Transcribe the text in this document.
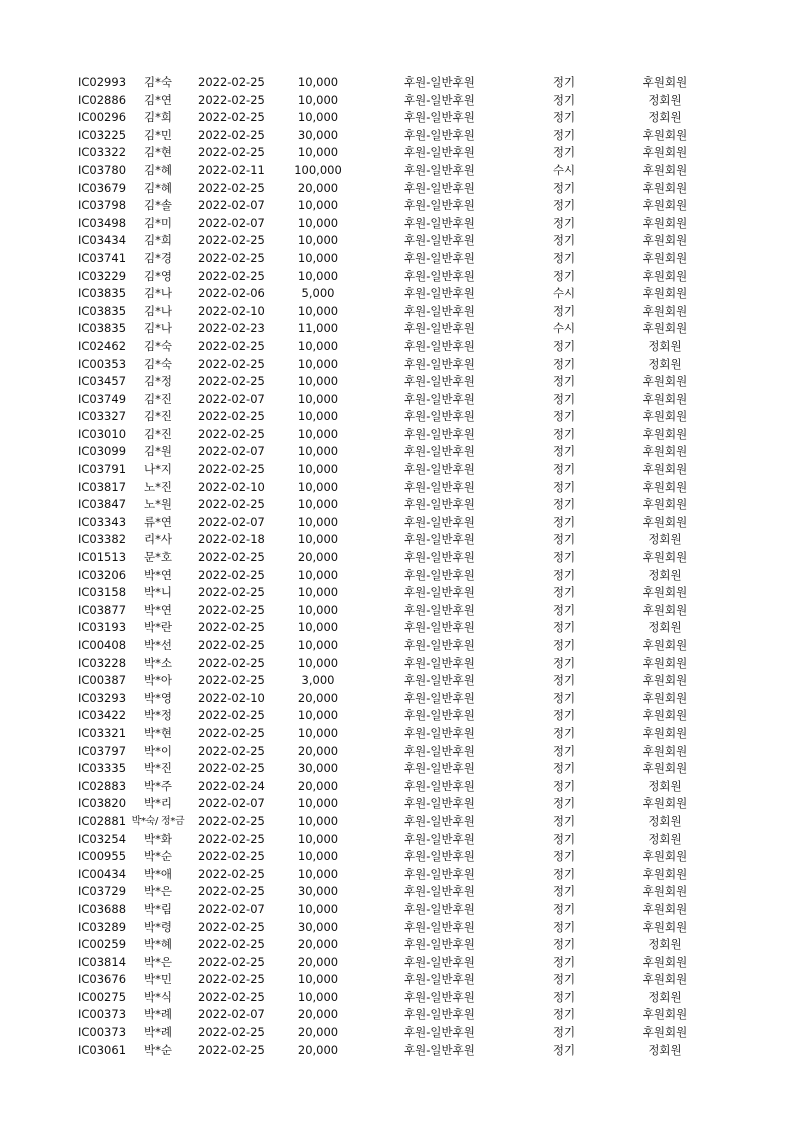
IC02993	김*숙	2022-02-25	10,000	후원-일반후원	정기	후원회원
IC02886	김*연	2022-02-25	10,000	후원-일반후원	정기	정회원
IC00296	김*희	2022-02-25	10,000	후원-일반후원	정기	정회원
IC03225	김*민	2022-02-25	30,000	후원-일반후원	정기	후원회원
IC03322	김*현	2022-02-25	10,000	후원-일반후원	정기	후원회원
IC03780	김*혜	2022-02-11	100,000	후원-일반후원	수시	후원회원
IC03679	김*혜	2022-02-25	20,000	후원-일반후원	정기	후원회원
IC03798	김*솔	2022-02-07	10,000	후원-일반후원	정기	후원회원
IC03498	김*미	2022-02-07	10,000	후원-일반후원	정기	후원회원
IC03434	김*희	2022-02-25	10,000	후원-일반후원	정기	후원회원
IC03741	김*경	2022-02-25	10,000	후원-일반후원	정기	후원회원
IC03229	김*영	2022-02-25	10,000	후원-일반후원	정기	후원회원
IC03835	김*나	2022-02-06	5,000	후원-일반후원	수시	후원회원
IC03835	김*나	2022-02-10	10,000	후원-일반후원	정기	후원회원
IC03835	김*나	2022-02-23	11,000	후원-일반후원	수시	후원회원
IC02462	김*숙	2022-02-25	10,000	후원-일반후원	정기	정회원
IC00353	김*숙	2022-02-25	10,000	후원-일반후원	정기	정회원
IC03457	김*정	2022-02-25	10,000	후원-일반후원	정기	후원회원
IC03749	김*진	2022-02-07	10,000	후원-일반후원	정기	후원회원
IC03327	김*진	2022-02-25	10,000	후원-일반후원	정기	후원회원
IC03010	김*진	2022-02-25	10,000	후원-일반후원	정기	후원회원
IC03099	김*원	2022-02-07	10,000	후원-일반후원	정기	후원회원
IC03791	나*지	2022-02-25	10,000	후원-일반후원	정기	후원회원
IC03817	노*진	2022-02-10	10,000	후원-일반후원	정기	후원회원
IC03847	노*원	2022-02-25	10,000	후원-일반후원	정기	후원회원
IC03343	류*연	2022-02-07	10,000	후원-일반후원	정기	후원회원
IC03382	리*사	2022-02-18	10,000	후원-일반후원	정기	정회원
IC01513	문*호	2022-02-25	20,000	후원-일반후원	정기	후원회원
IC03206	박*연	2022-02-25	10,000	후원-일반후원	정기	정회원
IC03158	박*니	2022-02-25	10,000	후원-일반후원	정기	후원회원
IC03877	박*연	2022-02-25	10,000	후원-일반후원	정기	후원회원
IC03193	박*란	2022-02-25	10,000	후원-일반후원	정기	정회원
IC00408	박*선	2022-02-25	10,000	후원-일반후원	정기	후원회원
IC03228	박*소	2022-02-25	10,000	후원-일반후원	정기	후원회원
IC00387	박*아	2022-02-25	3,000	후원-일반후원	정기	후원회원
IC03293	박*영	2022-02-10	20,000	후원-일반후원	정기	후원회원
IC03422	박*정	2022-02-25	10,000	후원-일반후원	정기	후원회원
IC03321	박*현	2022-02-25	10,000	후원-일반후원	정기	후원회원
IC03797	박*이	2022-02-25	20,000	후원-일반후원	정기	후원회원
IC03335	박*진	2022-02-25	30,000	후원-일반후원	정기	후원회원
IC02883	박*주	2022-02-24	20,000	후원-일반후원	정기	정회원
IC03820	박*리	2022-02-07	10,000	후원-일반후원	정기	후원회원
IC02881 박*숙/ 정*금	2022-02-25	10,000	후원-일반후원	정기	정회원
IC03254	박*화	2022-02-25	10,000	후원-일반후원	정기	정회원
IC00955	박*순	2022-02-25	10,000	후원-일반후원	정기	후원회원
IC00434	박*애	2022-02-25	10,000	후원-일반후원	정기	후원회원
IC03729	박*은	2022-02-25	30,000	후원-일반후원	정기	후원회원
IC03688	박*림	2022-02-07	10,000	후원-일반후원	정기	후원회원
IC03289	박*령	2022-02-25	30,000	후원-일반후원	정기	후원회원
IC00259	박*혜	2022-02-25	20,000	후원-일반후원	정기	정회원
IC03814	박*은	2022-02-25	20,000	후원-일반후원	정기	후원회원
IC03676	박*민	2022-02-25	10,000	후원-일반후원	정기	후원회원
IC00275	박*식	2022-02-25	10,000	후원-일반후원	정기	정회원
IC00373	박*례	2022-02-07	20,000	후원-일반후원	정기	후원회원
IC00373	박*례	2022-02-25	20,000	후원-일반후원	정기	후원회원
IC03061	박*순	2022-02-25	20,000	후원-일반후원	정기	정회원
